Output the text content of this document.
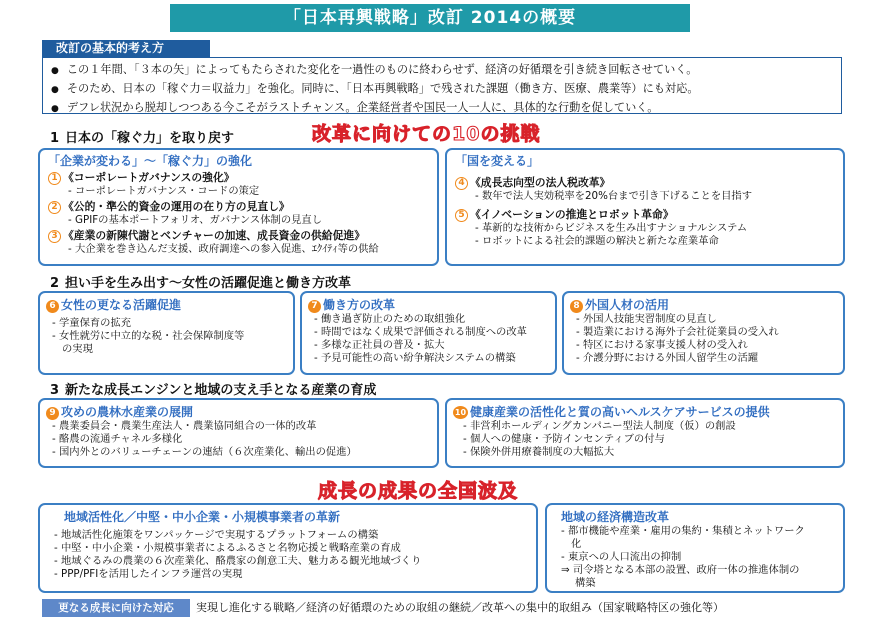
「日本再興戦略」改訂 2014の概要
改訂の基本的考え方
● この１年間、「３本の矢」によってもたらされた変化を一過性のものに終わらせず、経済の好循環を引き続き回転させていく。
● そのため、日本の「稼ぐ力＝収益力」を強化。同時に、「日本再興戦略」で残された課題（働き方、医療、農業等）にも対応。
● デフレ状況から脱却しつつある今こそがラストチャンス。企業経営者や国民一人一人に、具体的な行動を促していく。
1 日本の「稼ぐ力」を取り戻す	改革に向けての10の挑戦
「企業が変わる」～「稼ぐ力」の強化
1 《コーポレートガバナンスの強化》
- コーポレートガバナンス・コードの策定
2 《公的・準公的資金の運用の在り方の見直し》
- GPIFの基本ポートフォリオ、ガバナンス体制の見直し
3 《産業の新陳代謝とベンチャーの加速、成長資金の供給促進》
- 大企業を巻き込んだ支援、政府調達への参入促進、ｴｸｲﾃｨ等の供給
「国を変える」
4 《成長志向型の法人税改革》
- 数年で法人実効税率を20%台まで引き下げることを目指す
5 《イノベーションの推進とロボット革命》
- 革新的な技術からビジネスを生み出すナショナルシステム
- ロボットによる社会的課題の解決と新たな産業革命
2 担い手を生み出す～女性の活躍促進と働き方改革
6 女性の更なる活躍促進
- 学童保育の拡充
- 女性就労に中立的な税・社会保障制度等
の実現
7 働き方の改革
- 働き過ぎ防止のための取組強化
- 時間ではなく成果で評価される制度への改革
- 多様な正社員の普及・拡大
- 予見可能性の高い紛争解決システムの構築
8 外国人材の活用
- 外国人技能実習制度の見直し
- 製造業における海外子会社従業員の受入れ
- 特区における家事支援人材の受入れ
- 介護分野における外国人留学生の活躍
3 新たな成長エンジンと地域の支え手となる産業の育成
9 攻めの農林水産業の展開
- 農業委員会・農業生産法人・農業協同組合の一体的改革
- 酪農の流通チャネル多様化
- 国内外とのバリューチェーンの連結（６次産業化、輸出の促進）
10 健康産業の活性化と質の高いヘルスケアサービスの提供
- 非営利ホールディングカンパニー型法人制度（仮）の創設
- 個人への健康・予防インセンティブの付与
- 保険外併用療養制度の大幅拡大
成長の成果の全国波及
地域活性化／中堅・中小企業・小規模事業者の革新
- 地域活性化施策をワンパッケージで実現するプラットフォームの構築
- 中堅・中小企業・小規模事業者によるふるさと名物応援と戦略産業の育成
- 地域ぐるみの農業の６次産業化、酪農家の創意工夫、魅力ある観光地域づくり
- PPP/PFIを活用したインフラ運営の実現
地域の経済構造改革
- 都市機能や産業・雇用の集約・集積とネットワーク
化
- 東京への人口流出の抑制
⇒ 司令塔となる本部の設置、政府一体の推進体制の
構築
更なる成長に向けた対応	実現し進化する戦略／経済の好循環のための取組の継続／改革への集中的取組み（国家戦略特区の強化等）
